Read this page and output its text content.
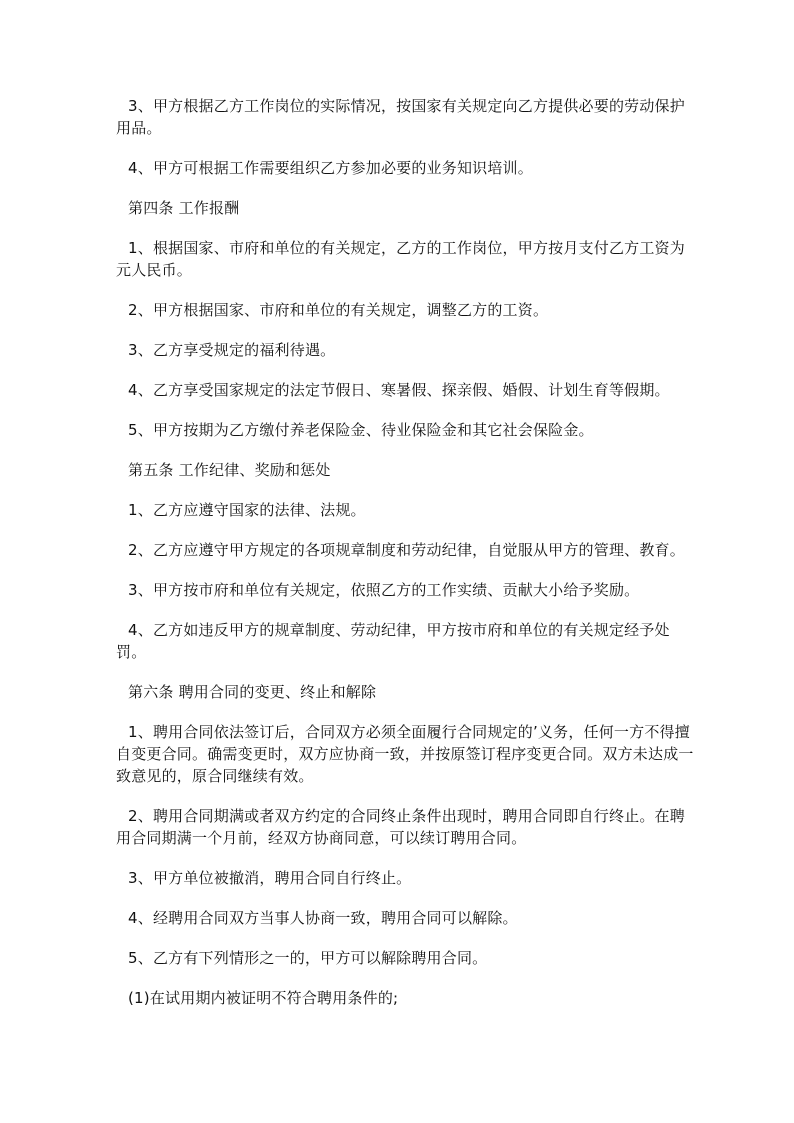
3、甲方根据乙方工作岗位的实际情况，按国家有关规定向乙方提供必要的劳动保护用品。

4、甲方可根据工作需要组织乙方参加必要的业务知识培训。

第四条 工作报酬

1、根据国家、市府和单位的有关规定，乙方的工作岗位，甲方按月支付乙方工资为元人民币。

2、甲方根据国家、市府和单位的有关规定，调整乙方的工资。

3、乙方享受规定的福利待遇。

4、乙方享受国家规定的法定节假日、寒暑假、探亲假、婚假、计划生育等假期。

5、甲方按期为乙方缴付养老保险金、待业保险金和其它社会保险金。

第五条 工作纪律、奖励和惩处

1、乙方应遵守国家的法律、法规。

2、乙方应遵守甲方规定的各项规章制度和劳动纪律，自觉服从甲方的管理、教育。

3、甲方按市府和单位有关规定，依照乙方的工作实绩、贡献大小给予奖励。

4、乙方如违反甲方的规章制度、劳动纪律，甲方按市府和单位的有关规定经予处罚。

第六条 聘用合同的变更、终止和解除

1、聘用合同依法签订后，合同双方必须全面履行合同规定的’义务，任何一方不得擅自变更合同。确需变更时，双方应协商一致，并按原签订程序变更合同。双方未达成一致意见的，原合同继续有效。

2、聘用合同期满或者双方约定的合同终止条件出现时，聘用合同即自行终止。在聘用合同期满一个月前，经双方协商同意，可以续订聘用合同。

3、甲方单位被撤消，聘用合同自行终止。

4、经聘用合同双方当事人协商一致，聘用合同可以解除。

5、乙方有下列情形之一的，甲方可以解除聘用合同。

(1)在试用期内被证明不符合聘用条件的;
